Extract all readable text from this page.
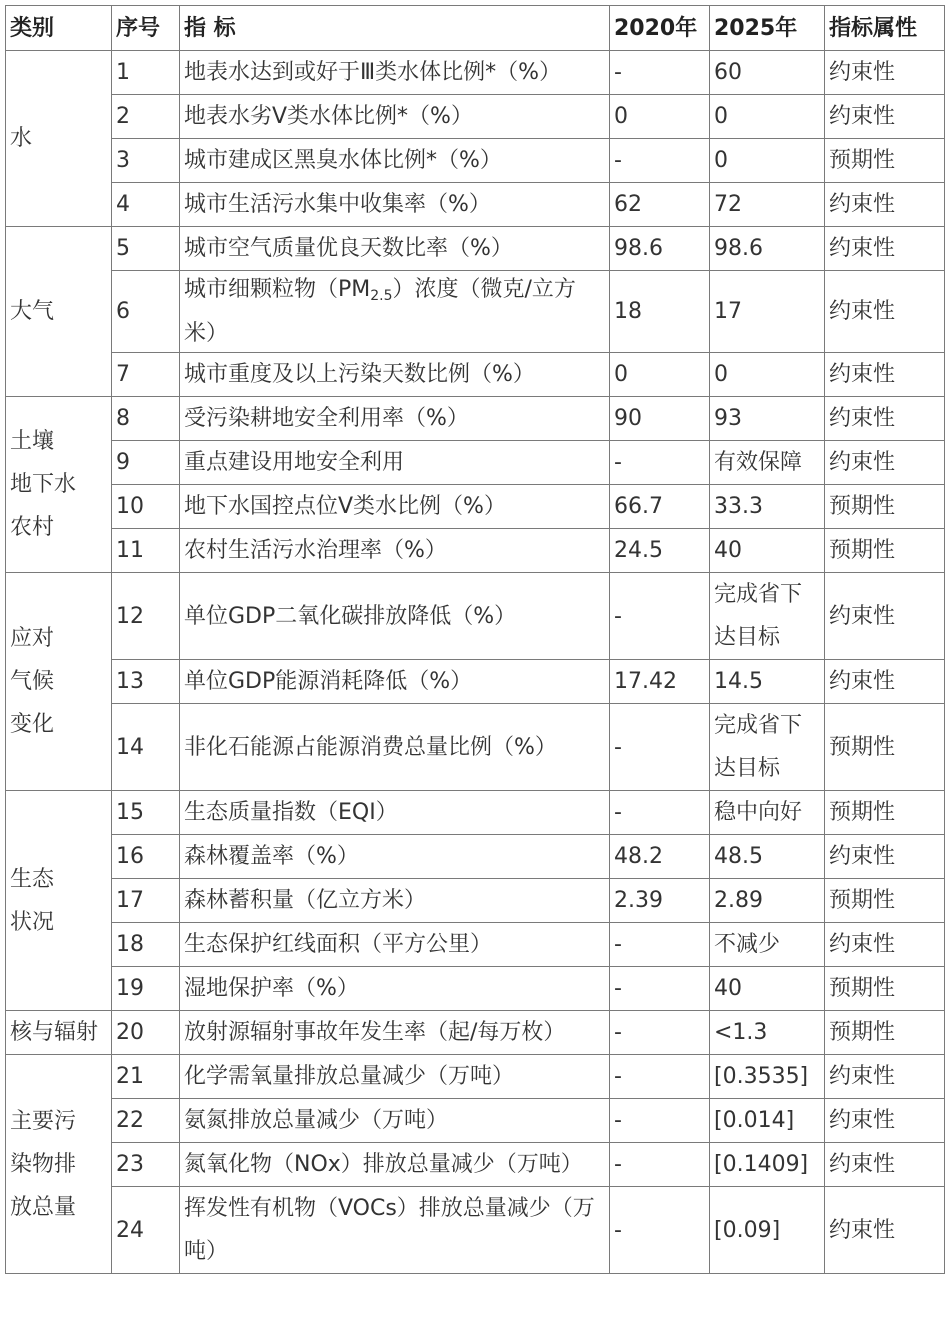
类别	序号	指 标	2020年	2025年	指标属性
水	1	地表水达到或好于Ⅲ类水体比例*（%）	-	60	约束性
	2	地表水劣V类水体比例*（%）	0	0	约束性
	3	城市建成区黑臭水体比例*（%）	-	0	预期性
	4	城市生活污水集中收集率（%）	62	72	约束性
大气	5	城市空气质量优良天数比率（%）	98.6	98.6	约束性
	6	城市细颗粒物$(PM_{2.5})$浓度（微克/立方米）	18	17	约束性
	7	城市重度及以上污染天数比例（%）	0	0	约束性

土壤
地下水
农村	8	受污染耕地安全利用率（%）	90	93	约束性
	9	重点建设用地安全利用	-	有效保障	约束性
	10	地下水国控点位V类水比例（%）	66.7	33.3	预期性
	11	农村生活污水治理率（%）	24.5	40	预期性

应对
气候
变化	12	单位GDP二氧化碳排放降低（%）	-	完成省下达目标	约束性
	13	单位GDP能源消耗降低（%）	17.42	14.5	约束性
	14	非化石能源占能源消费总量比例（%）	-	完成省下达目标	预期性

生态
状况	15	生态质量指数（EQI）	-	稳中向好	预期性
	16	森林覆盖率（%）	48.2	48.5	约束性
	17	森林蓄积量（亿立方米）	2.39	2.89	预期性
	18	生态保护红线面积（平方公里）	-	不减少	约束性
	19	湿地保护率（%）	-	40	预期性
核与辐射	20	放射源辐射事故年发生率（起/每万枚）	-	<1.3	预期性

主要污
染物排
放总量	21	化学需氧量排放总量减少（万吨）	-	[0.3535]	约束性
	22	氨氮排放总量减少（万吨）	-	[0.014]	约束性
	23	氮氧化物（NOx）排放总量减少（万吨）	-	[0.1409]	约束性
	24	挥发性有机物（VOCs）排放总量减少（万吨）	-	[0.09]	约束性
